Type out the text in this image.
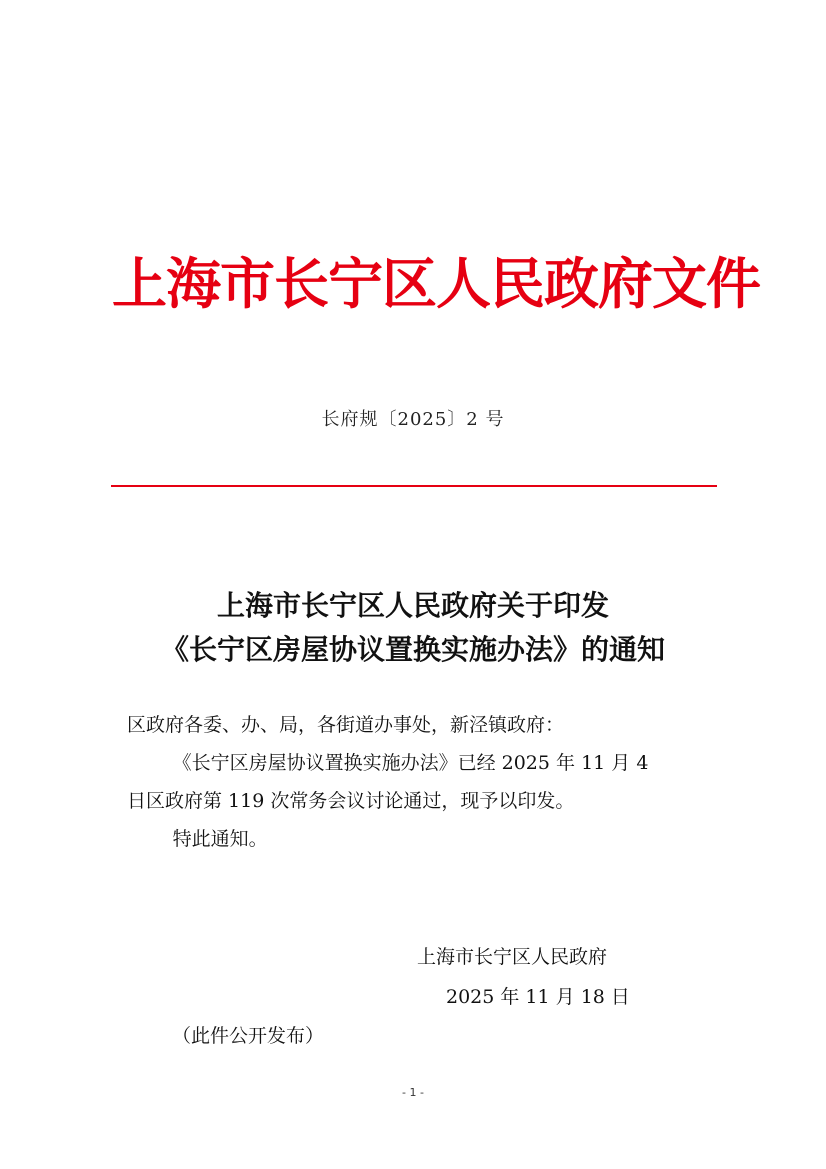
上海市长宁区人民政府文件
长府规〔2025〕2 号
上海市长宁区人民政府关于印发
《长宁区房屋协议置换实施办法》的通知

区政府各委、办、局，各街道办事处，新泾镇政府：

《长宁区房屋协议置换实施办法》已经 2025 年 11 月 4

日区政府第 119 次常务会议讨论通过，现予以印发。

特此通知。

上海市长宁区人民政府
2025 年 11 月 18 日
（此件公开发布）
- 1 -
